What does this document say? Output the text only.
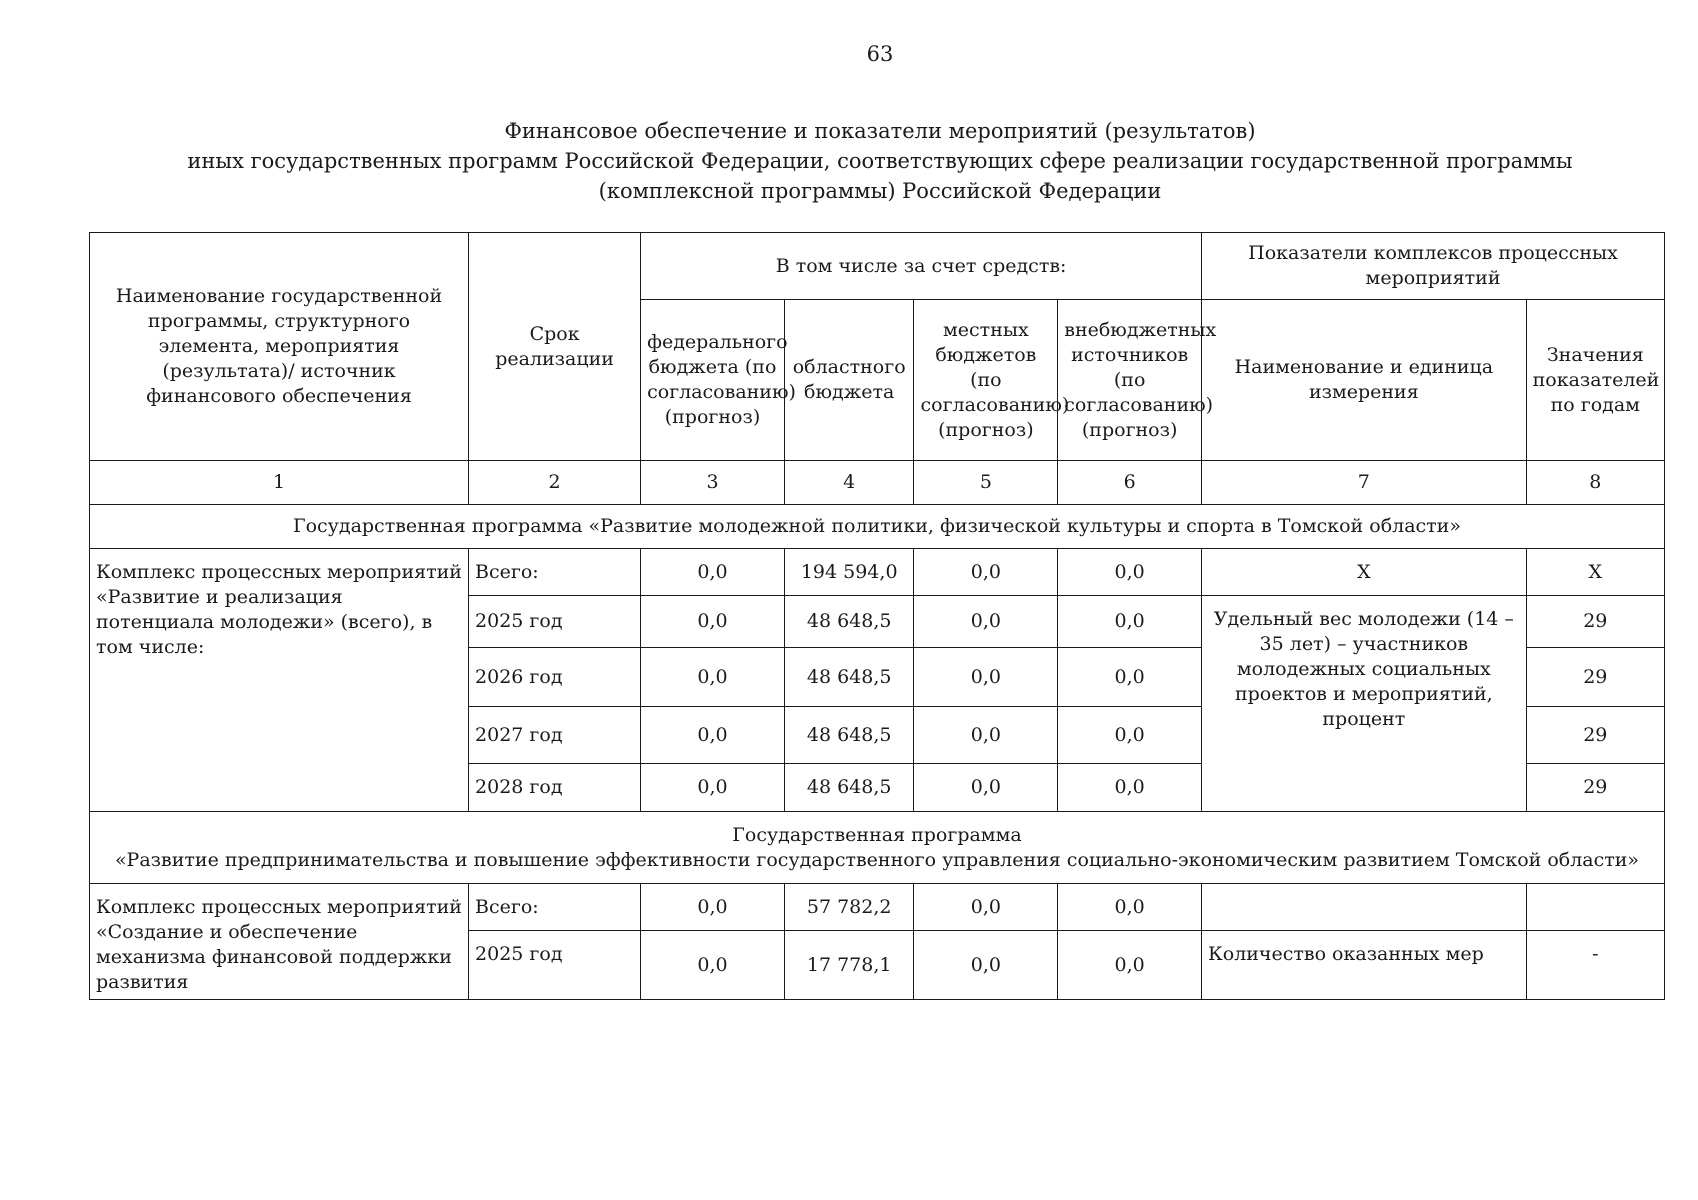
63
Финансовое обеспечение и показатели мероприятий (результатов)
иных государственных программ Российской Федерации, соответствующих сфере реализации государственной программы
(комплексной программы) Российской Федерации
Наименование государственной программы, структурного элемента, мероприятия (результата)/ источник финансового обеспечения	Срок реализации	В том числе за счет средств:				Показатели комплексов процессных мероприятий	
		федерального бюджета (по согласованию) (прогноз)	областного бюджета	местных бюджетов (по согласованию) (прогноз)	внебюджетных источников (по согласованию) (прогноз)	Наименование и единица измерения	Значения показателей по годам
1	2	3	4	5	6	7	8
Государственная программа «Развитие молодежной политики, физической культуры и спорта в Томской области»							
Комплекс процессных мероприятий «Развитие и реализация потенциала молодежи» (всего), в том числе:	Всего:	0,0	194 594,0	0,0	0,0	X	X
	2025 год	0,0	48 648,5	0,0	0,0	Удельный вес молодежи (14 – 35 лет) – участников молодежных социальных проектов и мероприятий, процент	29
	2026 год	0,0	48 648,5	0,0	0,0		29
	2027 год	0,0	48 648,5	0,0	0,0		29
	2028 год	0,0	48 648,5	0,0	0,0		29

Государственная программа
«Развитие предпринимательства и повышение эффективности государственного управления социально-экономическим развитием Томской области»							

Комплекс процессных мероприятий «Создание и обеспечение механизма финансовой поддержки развития	Всего:	0,0	57 782,2	0,0	0,0		
	2025 год	0,0	17 778,1	0,0	0,0	Количество оказанных мер	-
